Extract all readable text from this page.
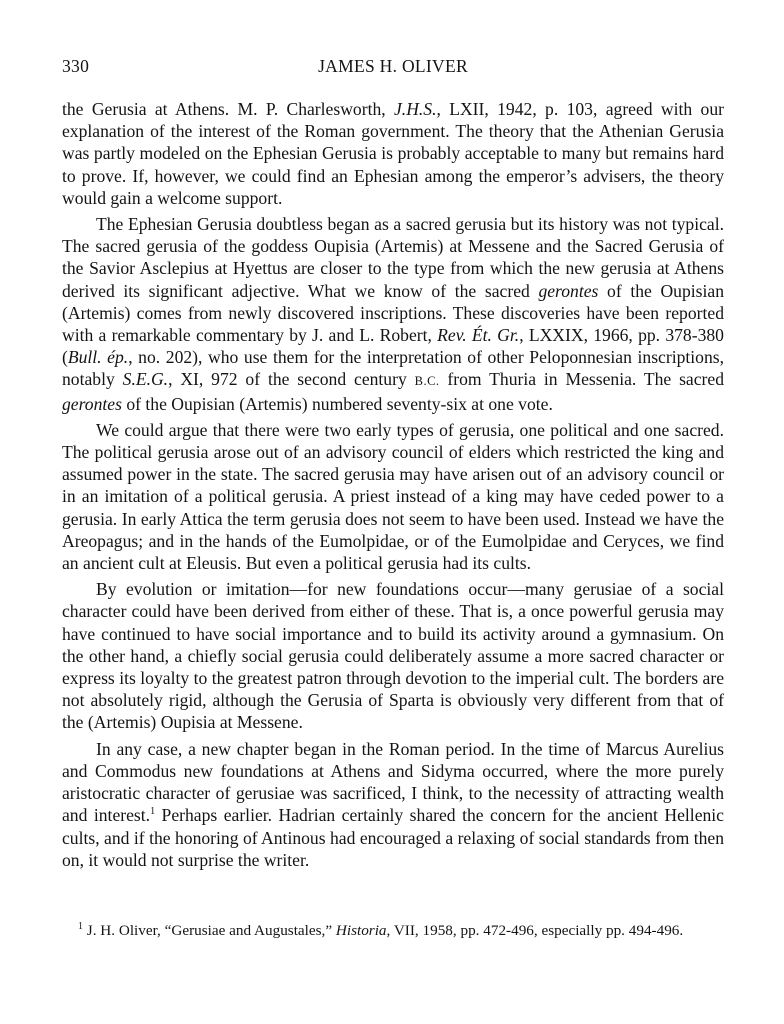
330	JAMES H. OLIVER

the Gerusia at Athens. M. P. Charlesworth, J.H.S., LXII, 1942, p. 103, agreed with our explanation of the interest of the Roman government. The theory that the Athenian Gerusia was partly modeled on the Ephesian Gerusia is probably acceptable to many but remains hard to prove. If, however, we could find an Ephesian among the emperor’s advisers, the theory would gain a welcome support.

The Ephesian Gerusia doubtless began as a sacred gerusia but its history was not typical. The sacred gerusia of the goddess Oupisia (Artemis) at Messene and the Sacred Gerusia of the Savior Asclepius at Hyettus are closer to the type from which the new gerusia at Athens derived its significant adjective. What we know of the sacred gerontes of the Oupisian (Artemis) comes from newly discovered inscriptions. These discoveries have been reported with a remarkable commentary by J. and L. Robert, Rev. Ét. Gr., LXXIX, 1966, pp. 378-380 (Bull. ép., no. 202), who use them for the interpretation of other Peloponnesian inscriptions, notably S.E.G., XI, 972 of the second century B.C. from Thuria in Messenia. The sacred gerontes of the Oupisian (Artemis) numbered seventy-six at one vote.

We could argue that there were two early types of gerusia, one political and one sacred. The political gerusia arose out of an advisory council of elders which restricted the king and assumed power in the state. The sacred gerusia may have arisen out of an advisory council or in an imitation of a political gerusia. A priest instead of a king may have ceded power to a gerusia. In early Attica the term gerusia does not seem to have been used. Instead we have the Areopagus; and in the hands of the Eumolpidae, or of the Eumolpidae and Ceryces, we find an ancient cult at Eleusis. But even a political gerusia had its cults.

By evolution or imitation—for new foundations occur—many gerusiae of a social character could have been derived from either of these. That is, a once powerful gerusia may have continued to have social importance and to build its activity around a gymnasium. On the other hand, a chiefly social gerusia could deliberately assume a more sacred character or express its loyalty to the greatest patron through devotion to the imperial cult. The borders are not absolutely rigid, although the Gerusia of Sparta is obviously very different from that of the (Artemis) Oupisia at Messene.

In any case, a new chapter began in the Roman period. In the time of Marcus Aurelius and Commodus new foundations at Athens and Sidyma occurred, where the more purely aristocratic character of gerusiae was sacrificed, I think, to the necessity of attracting wealth and interest.$^1$ Perhaps earlier. Hadrian certainly shared the concern for the ancient Hellenic cults, and if the honoring of Antinous had encouraged a relaxing of social standards from then on, it would not surprise the writer.

$^1$ J. H. Oliver, “Gerusiae and Augustales,” Historia, VII, 1958, pp. 472-496, especially pp. 494-496.
